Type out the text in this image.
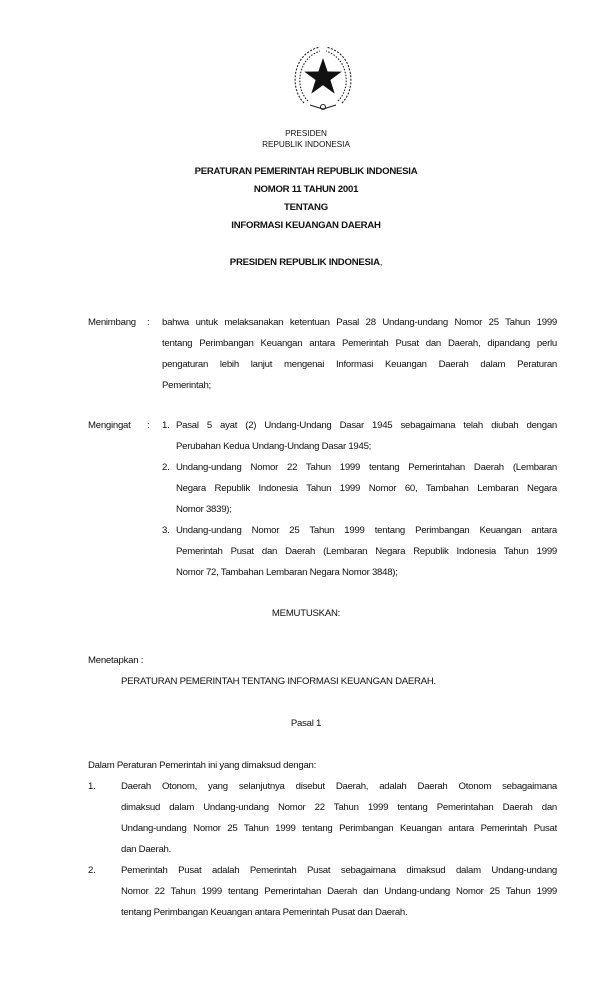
PRESIDEN
REPUBLIK INDONESIA
PERATURAN PEMERINTAH REPUBLIK INDONESIA
NOMOR 11 TAHUN 2001
TENTANG
INFORMASI KEUANGAN DAERAH
PRESIDEN REPUBLIK INDONESIA,
Menimbang : bahwa untuk melaksanakan ketentuan Pasal 28 Undang-undang Nomor 25 Tahun 1999
tentang Perimbangan Keuangan antara Pemerintah Pusat dan Daerah, dipandang perlu
pengaturan lebih lanjut mengenai Informasi Keuangan Daerah dalam Peraturan
Pemerintah;
Mengingat : 1. Pasal 5 ayat (2) Undang-Undang Dasar 1945 sebagaimana telah diubah dengan
Perubahan Kedua Undang-Undang Dasar 1945;
2. Undang-undang Nomor 22 Tahun 1999 tentang Pemerintahan Daerah (Lembaran
Negara Republik Indonesia Tahun 1999 Nomor 60, Tambahan Lembaran Negara
Nomor 3839);
3. Undang-undang Nomor 25 Tahun 1999 tentang Perimbangan Keuangan antara
Pemerintah Pusat dan Daerah (Lembaran Negara Republik Indonesia Tahun 1999
Nomor 72, Tambahan Lembaran Negara Nomor 3848);
MEMUTUSKAN:
Menetapkan :
PERATURAN PEMERINTAH TENTANG INFORMASI KEUANGAN DAERAH.
Pasal 1
Dalam Peraturan Pemerintah ini yang dimaksud dengan:
1.	Daerah Otonom, yang selanjutnya disebut Daerah, adalah Daerah Otonom sebagaimana
dimaksud dalam Undang-undang Nomor 22 Tahun 1999 tentang Pemerintahan Daerah dan
Undang-undang Nomor 25 Tahun 1999 tentang Perimbangan Keuangan antara Pemerintah Pusat
dan Daerah.
2.	Pemerintah Pusat adalah Pemerintah Pusat sebagaimana dimaksud dalam Undang-undang
Nomor 22 Tahun 1999 tentang Pemerintahan Daerah dan Undang-undang Nomor 25 Tahun 1999
tentang Perimbangan Keuangan antara Pemerintah Pusat dan Daerah.
